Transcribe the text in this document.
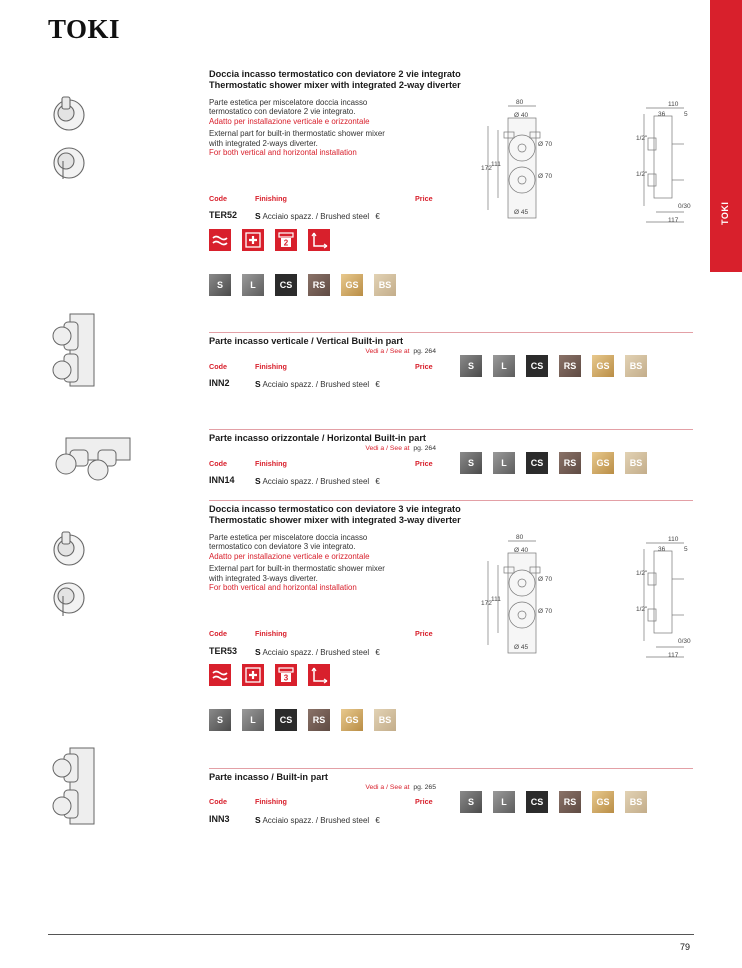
TOKI
TOKI
Doccia incasso termostatico con deviatore 2 vie integrato
Thermostatic shower mixer with integrated 2-way diverter
Parte estetica per miscelatore doccia incasso
termostatico con deviatore 2 vie integrato.
Adatto per installazione verticale e orizzontale
External part for built-in thermostatic shower mixer
with integrated 2-ways diverter.
For both vertical and horizontal installation
Code	Finishing	Price
TER52 S Acciaio spazz. / Brushed steel €
2
S	L	CS	RS	GS	BS
80
Ø 40
Ø 70
Ø 70
111
172
Ø 45
110
36	5
1/2"
1/2"
0/30
117
Parte incasso verticale / Vertical Built-in part
Vedi a / See at pg. 264
Code	Finishing	Price
INN2	S Acciaio spazz. / Brushed steel €
S	L	CS	RS	GS	BS
Parte incasso orizzontale / Horizontal Built-in part
Vedi a / See at pg. 264
Code	Finishing	Price
INN14 S Acciaio spazz. / Brushed steel €
S	L	CS	RS	GS	BS
Doccia incasso termostatico con deviatore 3 vie integrato
Thermostatic shower mixer with integrated 3-way diverter
Parte estetica per miscelatore doccia incasso
termostatico con deviatore 3 vie integrato.
Adatto per installazione verticale e orizzontale
External part for built-in thermostatic shower mixer
with integrated 3-ways diverter.
For both vertical and horizontal installation
Code	Finishing	Price
TER53 S Acciaio spazz. / Brushed steel €
3
S	L	CS	RS	GS	BS
80
Ø 40
Ø 70
Ø 70
111
172
Ø 45
110
36	5
1/2"
1/2"
0/30
117
Parte incasso / Built-in part
Vedi a / See at pg. 265
Code	Finishing	Price
INN3	S Acciaio spazz. / Brushed steel €
S	L	CS	RS	GS	BS
79
